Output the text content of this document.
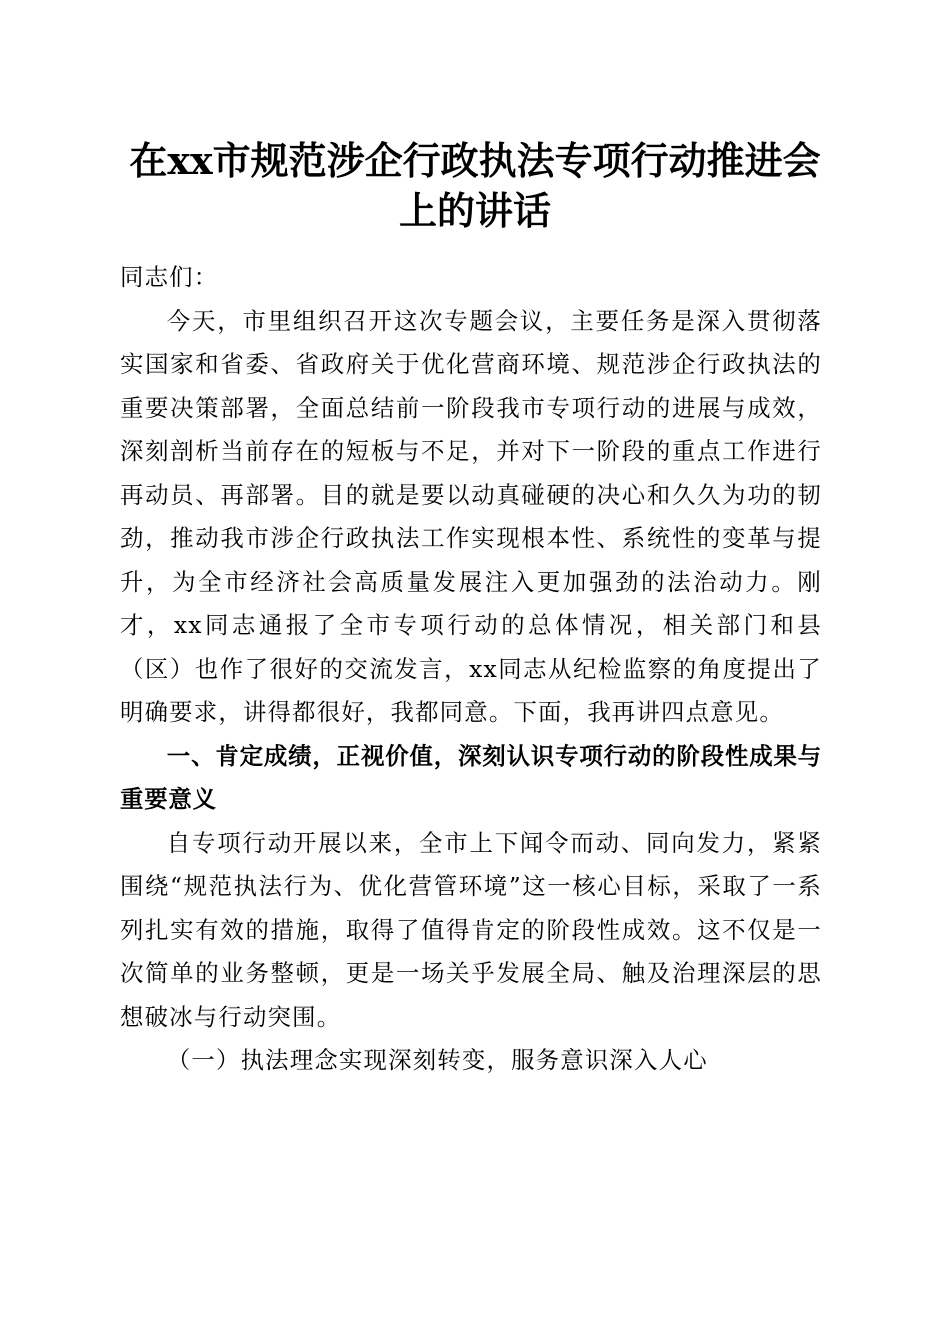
在xx市规范涉企行政执法专项行动推进会上的讲话

同志们：

今天，市里组织召开这次专题会议，主要任务是深入贯彻落实国家和省委、省政府关于优化营商环境、规范涉企行政执法的重要决策部署，全面总结前一阶段我市专项行动的进展与成效，深刻剖析当前存在的短板与不足，并对下一阶段的重点工作进行再动员、再部署。目的就是要以动真碰硬的决心和久久为功的韧劲，推动我市涉企行政执法工作实现根本性、系统性的变革与提升，为全市经济社会高质量发展注入更加强劲的法治动力。刚才，xx同志通报了全市专项行动的总体情况，相关部门和县（区）也作了很好的交流发言，xx同志从纪检监察的角度提出了明确要求，讲得都很好，我都同意。下面，我再讲四点意见。

一、肯定成绩，正视价值，深刻认识专项行动的阶段性成果与重要意义

自专项行动开展以来，全市上下闻令而动、同向发力，紧紧围绕“规范执法行为、优化营管环境”这一核心目标，采取了一系列扎实有效的措施，取得了值得肯定的阶段性成效。这不仅是一次简单的业务整顿，更是一场关乎发展全局、触及治理深层的思想破冰与行动突围。

（一）执法理念实现深刻转变，服务意识深入人心
